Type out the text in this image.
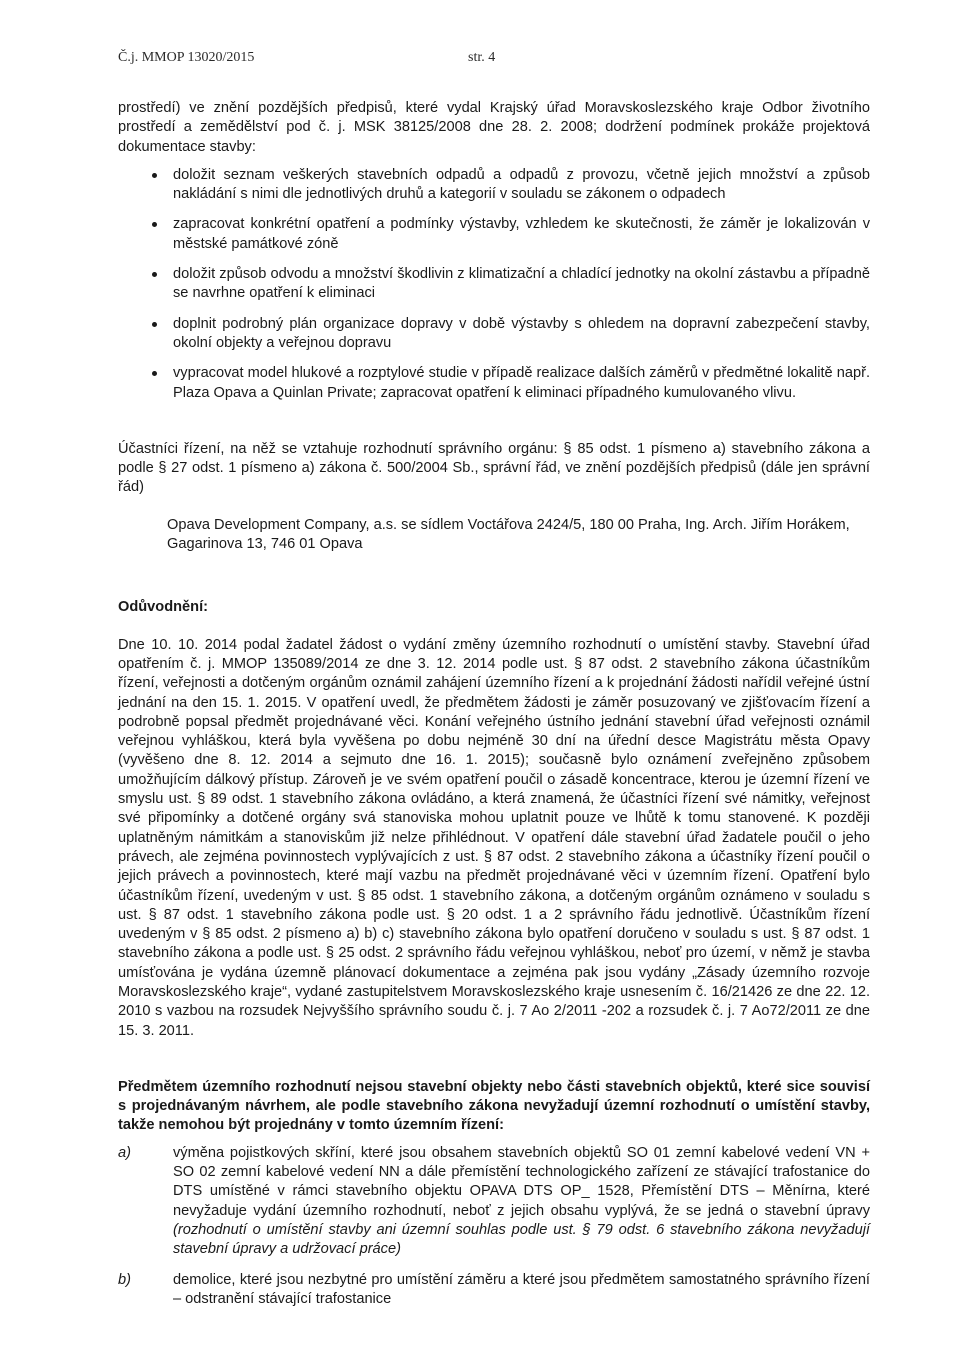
Č.j. MMOP 13020/2015	str. 4

prostředí) ve znění pozdějších předpisů, které vydal Krajský úřad Moravskoslezského kraje Odbor životního prostředí a zemědělství pod č. j. MSK 38125/2008 dne 28. 2. 2008; dodržení podmínek prokáže projektová dokumentace stavby:

doložit seznam veškerých stavebních odpadů a odpadů z provozu, včetně jejich množství a způsob nakládání s nimi dle jednotlivých druhů a kategorií v souladu se zákonem o odpadech
zapracovat konkrétní opatření a podmínky výstavby, vzhledem ke skutečnosti, že záměr je lokalizován v městské památkové zóně
doložit způsob odvodu a množství škodlivin z klimatizační a chladící jednotky na okolní zástavbu a případně se navrhne opatření k eliminaci
doplnit podrobný plán organizace dopravy v době výstavby s ohledem na dopravní zabezpečení stavby, okolní objekty a veřejnou dopravu
vypracovat model hlukové a rozptylové studie v případě realizace dalších záměrů v předmětné lokalitě např. Plaza Opava a Quinlan Private; zapracovat opatření k eliminaci případného kumulovaného vlivu.

Účastníci řízení, na něž se vztahuje rozhodnutí správního orgánu: § 85 odst. 1 písmeno a) stavebního zákona a podle § 27 odst. 1 písmeno a) zákona č. 500/2004 Sb., správní řád, ve znění pozdějších předpisů (dále jen správní řád)

Opava Development Company, a.s. se sídlem Voctářova 2424/5, 180 00 Praha, Ing. Arch. Jiřím Horákem, Gagarinova 13, 746 01 Opava

Odůvodnění:

Dne 10. 10. 2014 podal žadatel žádost o vydání změny územního rozhodnutí o umístění stavby. Stavební úřad opatřením č. j. MMOP 135089/2014 ze dne 3. 12. 2014 podle ust. § 87 odst. 2 stavebního zákona účastníkům řízení, veřejnosti a dotčeným orgánům oznámil zahájení územního řízení a k projednání žádosti nařídil veřejné ústní jednání na den 15. 1. 2015. V opatření uvedl, že předmětem žádosti je záměr posuzovaný ve zjišťovacím řízení a podrobně popsal předmět projednávané věci. Konání veřejného ústního jednání stavební úřad veřejnosti oznámil veřejnou vyhláškou, která byla vyvěšena po dobu nejméně 30 dní na úřední desce Magistrátu města Opavy (vyvěšeno dne 8. 12. 2014 a sejmuto dne 16. 1. 2015); současně bylo oznámení zveřejněno způsobem umožňujícím dálkový přístup. Zároveň je ve svém opatření poučil o zásadě koncentrace, kterou je územní řízení ve smyslu ust. § 89 odst. 1 stavebního zákona ovládáno, a která znamená, že účastníci řízení své námitky, veřejnost své připomínky a dotčené orgány svá stanoviska mohou uplatnit pouze ve lhůtě k tomu stanovené. K později uplatněným námitkám a stanoviskům již nelze přihlédnout. V opatření dále stavební úřad žadatele poučil o jeho právech, ale zejména povinnostech vyplývajících z ust. § 87 odst. 2 stavebního zákona a účastníky řízení poučil o jejich právech a povinnostech, které mají vazbu na předmět projednávané věci v územním řízení. Opatření bylo účastníkům řízení, uvedeným v ust. § 85 odst. 1 stavebního zákona, a dotčeným orgánům oznámeno v souladu s ust. § 87 odst. 1 stavebního zákona podle ust. § 20 odst. 1 a 2 správního řádu jednotlivě. Účastníkům řízení uvedeným v § 85 odst. 2 písmeno a) b) c) stavebního zákona bylo opatření doručeno v souladu s ust. § 87 odst. 1 stavebního zákona a podle ust. § 25 odst. 2 správního řádu veřejnou vyhláškou, neboť pro území, v němž je stavba umísťována je vydána územně plánovací dokumentace a zejména pak jsou vydány „Zásady územního rozvoje Moravskoslezského kraje“, vydané zastupitelstvem Moravskoslezského kraje usnesením č. 16/21426 ze dne 22. 12. 2010 s vazbou na rozsudek Nejvyššího správního soudu č. j. 7 Ao 2/2011 -202 a rozsudek č. j. 7 Ao72/2011 ze dne 15. 3. 2011.

Předmětem územního rozhodnutí nejsou stavební objekty nebo části stavebních objektů, které sice souvisí s projednávaným návrhem, ale podle stavebního zákona nevyžadují územní rozhodnutí o umístění stavby, takže nemohou být projednány v tomto územním řízení:

a)	výměna pojistkových skříní, které jsou obsahem stavebních objektů SO 01 zemní kabelové vedení VN + SO 02 zemní kabelové vedení NN a dále přemístění technologického zařízení ze stávající trafostanice do DTS umístěné v rámci stavebního objektu OPAVA DTS OP_ 1528, Přemístění DTS – Měnírna, které nevyžaduje vydání územního rozhodnutí, neboť z jejich obsahu vyplývá, že se jedná o stavební úpravy (rozhodnutí o umístění stavby ani územní souhlas podle ust. § 79 odst. 6 stavebního zákona nevyžadují stavební úpravy a udržovací práce)
b)	demolice, které jsou nezbytné pro umístění záměru a které jsou předmětem samostatného správního řízení – odstranění stávající trafostanice
